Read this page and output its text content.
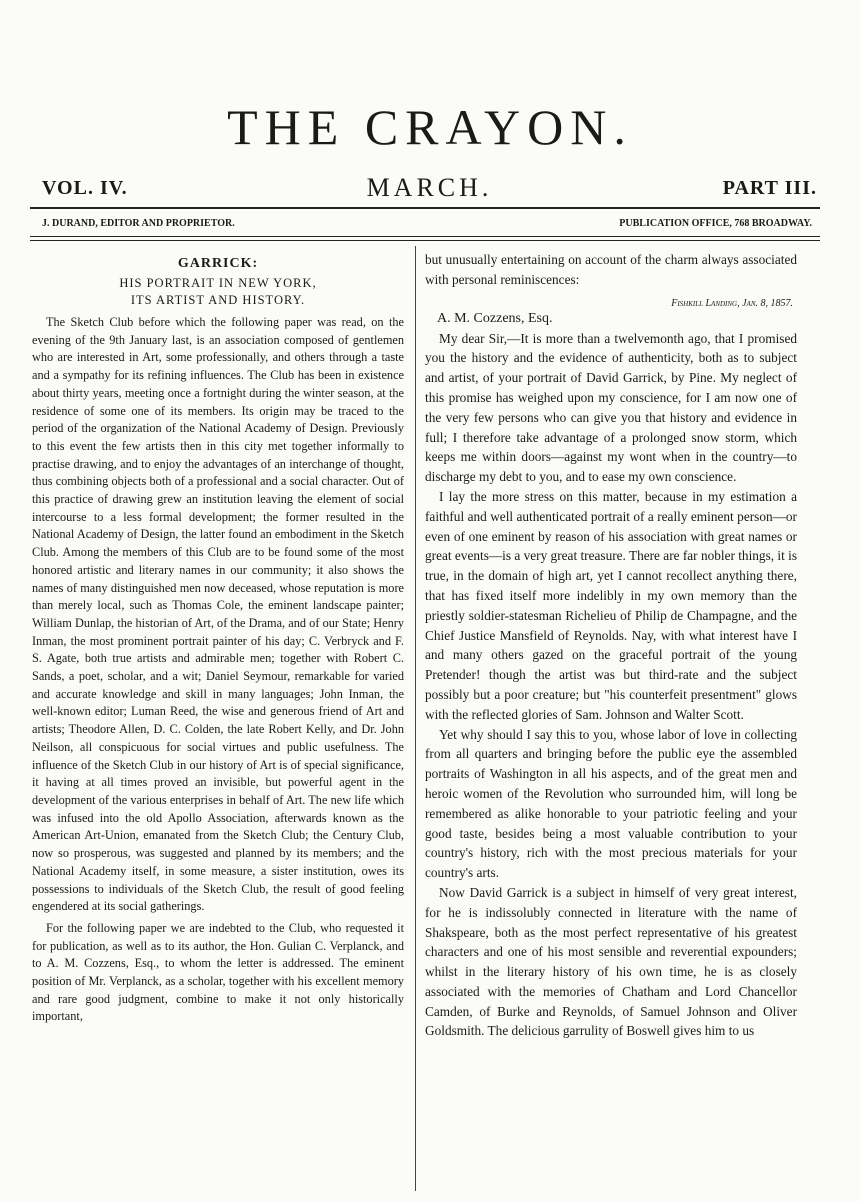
THE CRAYON.
VOL. IV.	MARCH.	PART III.
J. DURAND, EDITOR AND PROPRIETOR.	PUBLICATION OFFICE, 768 BROADWAY.
GARRICK:
HIS PORTRAIT IN NEW YORK,
ITS ARTIST AND HISTORY.

The Sketch Club before which the following paper was read, on the evening of the 9th January last, is an association composed of gentlemen who are interested in Art, some professionally, and others through a taste and a sympathy for its refining influences. The Club has been in existence about thirty years, meeting once a fortnight during the winter season, at the residence of some one of its members. Its origin may be traced to the period of the organization of the National Academy of Design. Previously to this event the few artists then in this city met together informally to practise drawing, and to enjoy the advantages of an interchange of thought, thus combining objects both of a professional and a social character. Out of this practice of drawing grew an institution leaving the element of social intercourse to a less formal development; the former resulted in the National Academy of Design, the latter found an embodiment in the Sketch Club. Among the members of this Club are to be found some of the most honored artistic and literary names in our community; it also shows the names of many distinguished men now deceased, whose reputation is more than merely local, such as Thomas Cole, the eminent landscape painter; William Dunlap, the historian of Art, of the Drama, and of our State; Henry Inman, the most prominent portrait painter of his day; C. Verbryck and F. S. Agate, both true artists and admirable men; together with Robert C. Sands, a poet, scholar, and a wit; Daniel Seymour, remarkable for varied and accurate knowledge and skill in many languages; John Inman, the well-known editor; Luman Reed, the wise and generous friend of Art and artists; Theodore Allen, D. C. Colden, the late Robert Kelly, and Dr. John Neilson, all conspicuous for social virtues and public usefulness. The influence of the Sketch Club in our history of Art is of special significance, it having at all times proved an invisible, but powerful agent in the development of the various enterprises in behalf of Art. The new life which was infused into the old Apollo Association, afterwards known as the American Art-Union, emanated from the Sketch Club; the Century Club, now so prosperous, was suggested and planned by its members; and the National Academy itself, in some measure, a sister institution, owes its possessions to individuals of the Sketch Club, the result of good feeling engendered at its social gatherings.

For the following paper we are indebted to the Club, who requested it for publication, as well as to its author, the Hon. Gulian C. Verplanck, and to A. M. Cozzens, Esq., to whom the letter is addressed. The eminent position of Mr. Verplanck, as a scholar, together with his excellent memory and rare good judgment, combine to make it not only historically important,

but unusually entertaining on account of the charm always associated with personal reminiscences:

Fishkill Landing, Jan. 8, 1857.
A. M. Cozzens, Esq.

My dear Sir,—It is more than a twelvemonth ago, that I promised you the history and the evidence of authenticity, both as to subject and artist, of your portrait of David Garrick, by Pine. My neglect of this promise has weighed upon my conscience, for I am now one of the very few persons who can give you that history and evidence in full; I therefore take advantage of a prolonged snow storm, which keeps me within doors—against my wont when in the country—to discharge my debt to you, and to ease my own conscience.

I lay the more stress on this matter, because in my estimation a faithful and well authenticated portrait of a really eminent person—or even of one eminent by reason of his association with great names or great events—is a very great treasure. There are far nobler things, it is true, in the domain of high art, yet I cannot recollect anything there, that has fixed itself more indelibly in my own memory than the priestly soldier-statesman Richelieu of Philip de Champagne, and the Chief Justice Mansfield of Reynolds. Nay, with what interest have I and many others gazed on the graceful portrait of the young Pretender! though the artist was but third-rate and the subject possibly but a poor creature; but "his counterfeit presentment" glows with the reflected glories of Sam. Johnson and Walter Scott.

Yet why should I say this to you, whose labor of love in collecting from all quarters and bringing before the public eye the assembled portraits of Washington in all his aspects, and of the great men and heroic women of the Revolution who surrounded him, will long be remembered as alike honorable to your patriotic feeling and your good taste, besides being a most valuable contribution to your country's history, rich with the most precious materials for your country's arts.

Now David Garrick is a subject in himself of very great interest, for he is indissolubly connected in literature with the name of Shakspeare, both as the most perfect representative of his greatest characters and one of his most sensible and reverential expounders; whilst in the literary history of his own time, he is as closely associated with the memories of Chatham and Lord Chancellor Camden, of Burke and Reynolds, of Samuel Johnson and Oliver Goldsmith. The delicious garrulity of Boswell gives him to us
